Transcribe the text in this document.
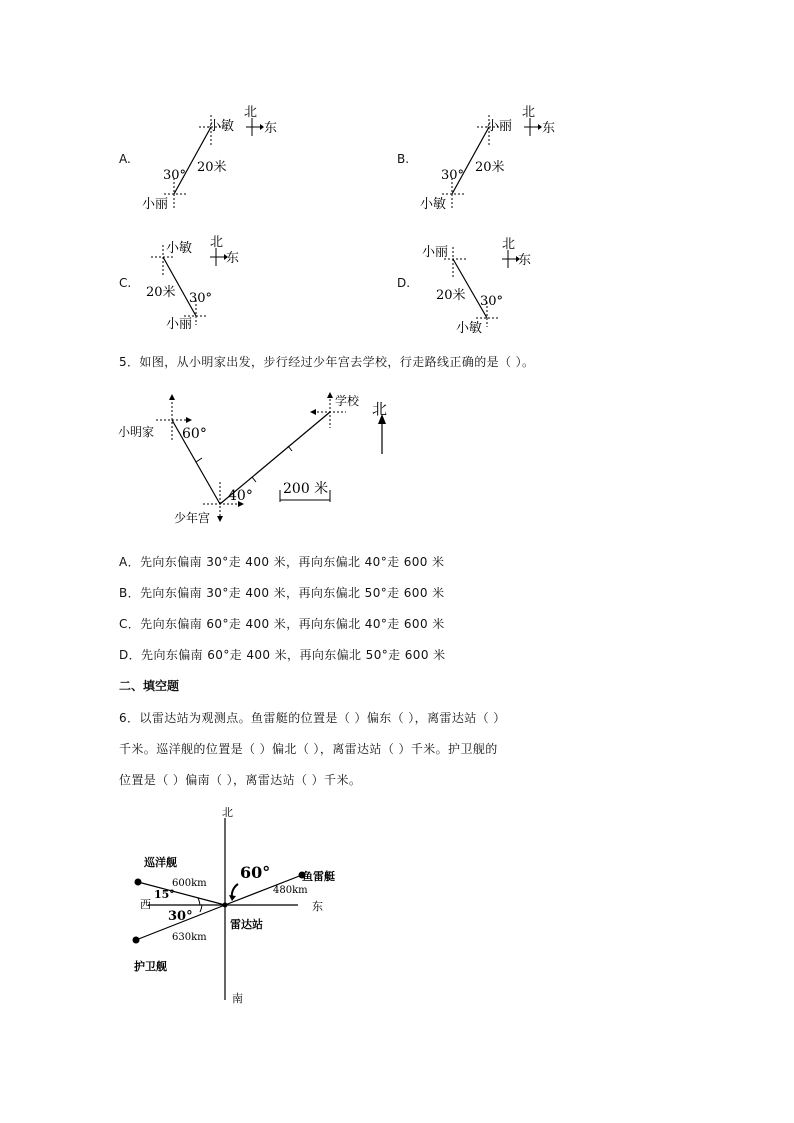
A.
小丽
小敏
30°
20米
北
东
B.
小敏
小丽
30°
20米
北
东
C.
小敏
小丽
30°
20米
北
东
D.
小丽
小敏
30°
20米
北
东
5．如图，从小明家出发，步行经过少年宫去学校，行走路线正确的是（ ）。
小明家 60°
40°
少年宫
学校 北
200 米
A．先向东偏南 30°走 400 米，再向东偏北 40°走 600 米
B．先向东偏南 30°走 400 米，再向东偏北 50°走 600 米
C．先向东偏南 60°走 400 米，再向东偏北 40°走 600 米
D．先向东偏南 60°走 400 米，再向东偏北 50°走 600 米
二、填空题
6．以雷达站为观测点。鱼雷艇的位置是（ ）偏东（ ），离雷达站（ ）
千米。巡洋舰的位置是（ ）偏北（ ），离雷达站（ ）千米。护卫舰的
位置是（ ）偏南（ ），离雷达站（ ）千米。
北
南
东
西
雷达站
鱼雷艇
480km
60°
巡洋舰
600km
15°
护卫舰
630km
30°
